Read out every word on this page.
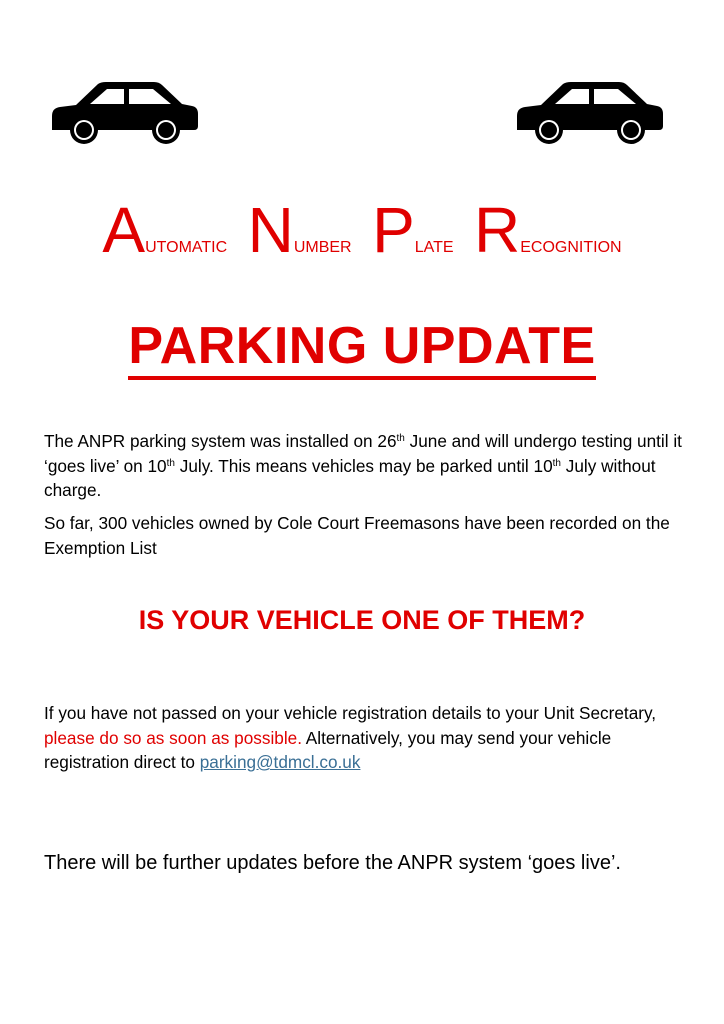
AUTOMATIC NUMBER PLATE RECOGNITION
PARKING UPDATE

The ANPR parking system was installed on 26th June and will undergo testing until it ‘goes live’ on 10th July. This means vehicles may be parked until 10th July without charge.

So far, 300 vehicles owned by Cole Court Freemasons have been recorded on the Exemption List

IS YOUR VEHICLE ONE OF THEM?

If you have not passed on your vehicle registration details to your Unit Secretary, please do so as soon as possible. Alternatively, you may send your vehicle registration direct to parking@tdmcl.co.uk

There will be further updates before the ANPR system ‘goes live’.
